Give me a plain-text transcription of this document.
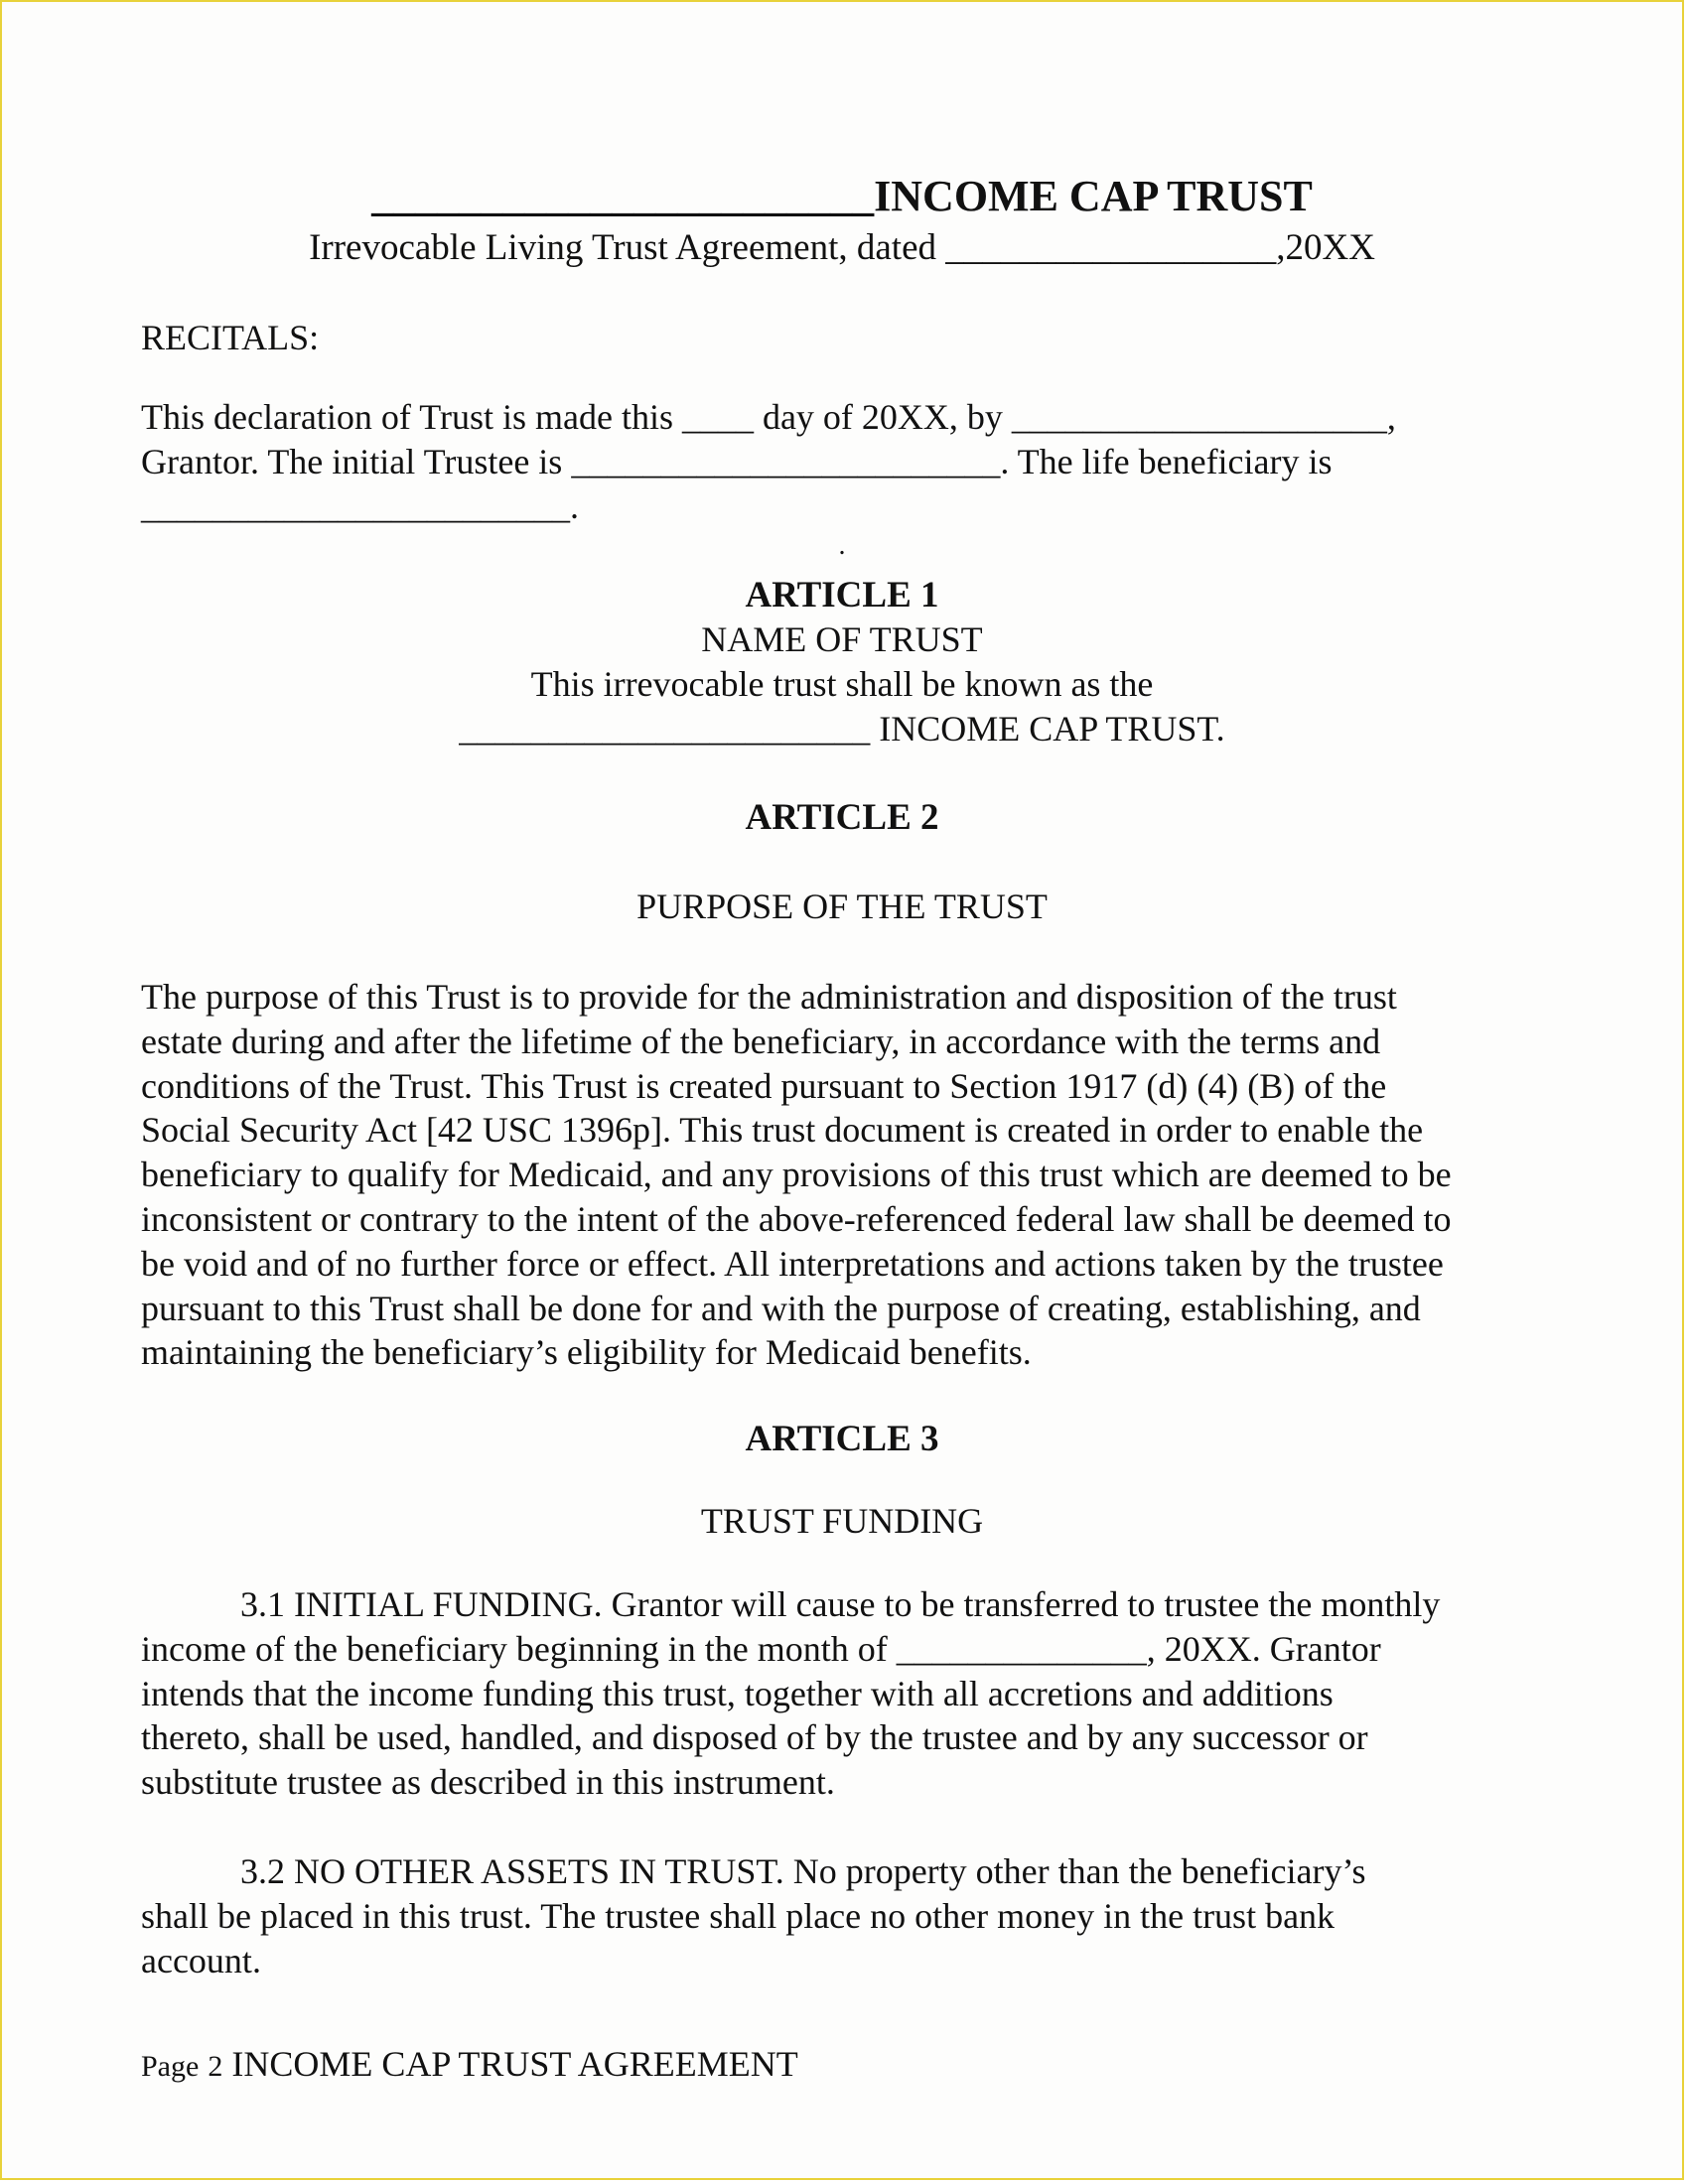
_______________________INCOME CAP TRUST
Irrevocable Living Trust Agreement, dated __________________,20XX
RECITALS:

This declaration of Trust is made this ____ day of 20XX, by _____________________,

Grantor. The initial Trustee is ________________________. The life beneficiary is

________________________.

.
ARTICLE 1
NAME OF TRUST
This irrevocable trust shall be known as the
_______________________ INCOME CAP TRUST.
ARTICLE 2
PURPOSE OF THE TRUST

The purpose of this Trust is to provide for the administration and disposition of the trust

estate during and after the lifetime of the beneficiary, in accordance with the terms and

conditions of the Trust. This Trust is created pursuant to Section 1917 (d) (4) (B) of the

Social Security Act [42 USC 1396p]. This trust document is created in order to enable the

beneficiary to qualify for Medicaid, and any provisions of this trust which are deemed to be

inconsistent or contrary to the intent of the above-referenced federal law shall be deemed to

be void and of no further force or effect. All interpretations and actions taken by the trustee

pursuant to this Trust shall be done for and with the purpose of creating, establishing, and

maintaining the beneficiary’s eligibility for Medicaid benefits.

ARTICLE 3
TRUST FUNDING

3.1 INITIAL FUNDING. Grantor will cause to be transferred to trustee the monthly

income of the beneficiary beginning in the month of ______________, 20XX. Grantor

intends that the income funding this trust, together with all accretions and additions

thereto, shall be used, handled, and disposed of by the trustee and by any successor or

substitute trustee as described in this instrument.

3.2 NO OTHER ASSETS IN TRUST. No property other than the beneficiary’s

shall be placed in this trust. The trustee shall place no other money in the trust bank

account.

Page 2 INCOME CAP TRUST AGREEMENT
